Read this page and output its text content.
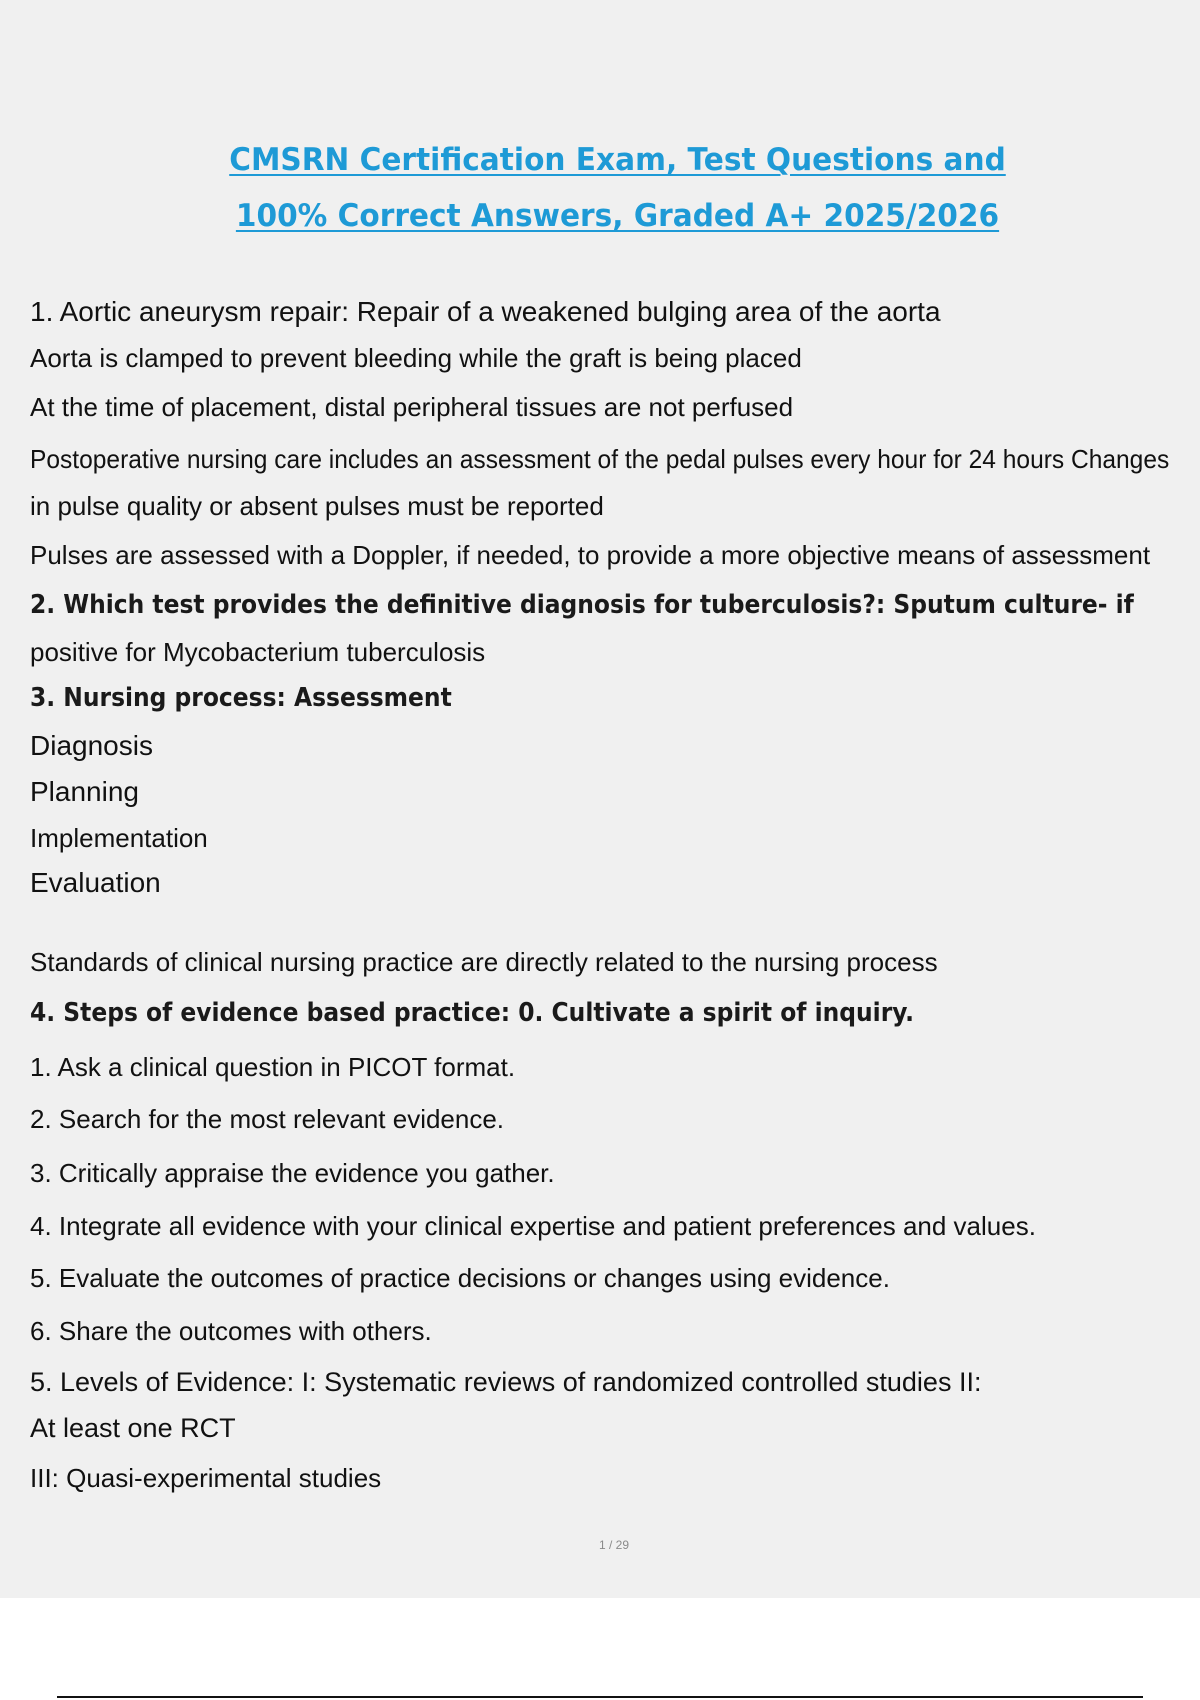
CMSRN Certification Exam, Test Questions and
100% Correct Answers, Graded A+ 2025/2026
1. Aortic aneurysm repair: Repair of a weakened bulging area of the aorta
Aorta is clamped to prevent bleeding while the graft is being placed
At the time of placement, distal peripheral tissues are not perfused
Postoperative nursing care includes an assessment of the pedal pulses every hour for 24 hours Changes
in pulse quality or absent pulses must be reported
Pulses are assessed with a Doppler, if needed, to provide a more objective means of assessment
2. Which test provides the definitive diagnosis for tuberculosis?: Sputum culture- if
positive for Mycobacterium tuberculosis
3. Nursing process: Assessment
Diagnosis
Planning
Implementation
Evaluation
Standards of clinical nursing practice are directly related to the nursing process
4. Steps of evidence based practice: 0. Cultivate a spirit of inquiry.
1. Ask a clinical question in PICOT format.
2. Search for the most relevant evidence.
3. Critically appraise the evidence you gather.
4. Integrate all evidence with your clinical expertise and patient preferences and values.
5. Evaluate the outcomes of practice decisions or changes using evidence.
6. Share the outcomes with others.
5. Levels of Evidence: I: Systematic reviews of randomized controlled studies II:
At least one RCT
III: Quasi-experimental studies
1 / 29
